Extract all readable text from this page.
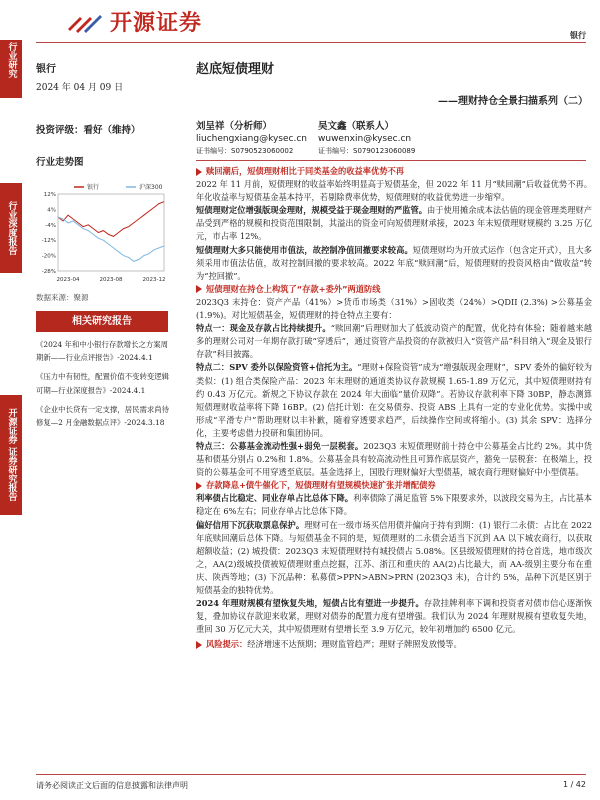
开源证券	银行
行业研究
行业深度报告
开源证券 证券研究报告
银行
2024 年 04 月 09 日
投资评级：看好（维持）
行业走势图
12%
4%
-4%
-12%
-20%
-28%
2023-04	2023-08	2023-12
银行	沪深300
数据来源：聚源
相关研究报告
《2024 年和中小银行存款增长之方案周期新——行业点评报告》-2024.4.1
《压力中有韧性，配置价值不变转变逻辑可期—行业深度报告》-2024.4.1
《企业中长贷有一定支撑，居民需求尚待修复—2 月金融数据点评》-2024.3.18
赵底短债理财
——理财持仓全景扫描系列（二）
刘呈祥（分析师）
liuchengxiang@kysec.cn
证书编号：S0790523060002
吴文鑫（联系人）
wuwenxin@kysec.cn
证书编号：S0790123060089
赎回潮后，短债理财相比于同类基金的收益率优势不再

2022 年 11 月前，短债理财的收益率始终明显高于短债基金，但 2022 年 11 月“赎回潮”后收益优势不再。年化收益率与短债基金基本持平，若剔除费率优势，短债理财的收益优势进一步缩窄。

短债理财定位增强版现金理财，规模受益于现金理财的严监管。由于使用摊余成本法估值的现金管理类理财产品受到严格的规模和投资范围限制，其溢出的资金可向短债理财承接，2023 年末短债理财规模约 3.25 万亿元，市占率 12%。

短债理财大多只能使用市值法，故控制净值回撤要求较高。短债理财均为开放式运作（包含定开式），且大多须采用市值法估值，故对控制回撤的要求较高。2022 年底“赎回潮”后，短债理财的投资风格由“做收益”转为“控回撤”。

短债理财在持仓上构筑了“存款+委外”两道防线

2023Q3 末持仓：资产产品（41%）>货币市场类（31%）>固收类（24%）>QDII (2.3%) >公募基金 (1.9%)。对比短债基金，短债理财的持仓特点主要有：

特点一：现金及存款占比持续提升。“赎回潮”后理财加大了低波动资产的配置，优化持有体验；随着越来越多的理财公司对一年期存款打破“穿透后”，通过资管产品投资的存款被归入“资管产品”科目纳入“现金及银行存款”科目披露。

特点二：SPV 委外以保险资管+信托为主。“理财+保险资管”成为“增强版现金理财”，SPV 委外的偏好较为类似：(1) 组合类保险产品：2023 年末理财的通道类协议存款规模 1.65-1.89 万亿元，其中短债理财持有约 0.43 万亿元。新规之下协议存款在 2024 年大面临“量价双降”。若协议存款利率下降 30BP，静态测算短债理财收益率将下降 16BP。(2) 信托计划：在交易债券、投资 ABS 上具有一定的专业化优势。实操中或形成“平滑专户”帮助理财以丰补歉，随着穿透要求趋严，后续操作空间或将缩小。(3) 其余 SPV：选择分化，主要考虑借力投研和集团协同。

特点三：公募基金流动性强+弱免一层税套。2023Q3 末短债理财前十持仓中公募基金占比约 2%。其中货基和债基分别占 0.2%和 1.8%。公募基金具有较高流动性且可算作底层资产，豁免一层税套：在极端上，投资的公募基金可不用穿透至底层。基金选择上，国股行理财偏好大型债基，城农商行理财偏好中小型债基。

存款降息+债牛催化下，短债理财有望规模快速扩张并增配债券

利率债占比稳定、同业存单占比总体下降。利率债除了满足监管 5%下限要求外，以波段交易为主，占比基本稳定在 6%左右；同业存单占比总体下降。

偏好信用下沉获取票息保护。理财可在一级市场买信用债并偏向于持有到期：(1) 银行二永债：占比在 2022 年底赎回潮后总体下降。与短债基金不同的是，短债理财的二永债会适当下沉到 AA 以下城农商行，以获取超额收益；(2) 城投债：2023Q3 末短债理财持有城投债占 5.08%。区县级短债理财的持仓首选，地市级次之，AA(2)级城投债被短债理财重点挖掘，江苏、浙江和重庆的 AA(2)占比最大，而 AA-级别主要分布在重庆、陕西等地；(3) 下沉品种：私募债>PPN>ABN>PRN (2023Q3 末)，合计约 5%，品种下沉是区别于短债基金的独特优势。

2024 年理财规模有望恢复失地，短债占比有望进一步提升。存款挂牌利率下调和投资者对债市信心逐渐恢复，叠加协议存款迎来收紧，理财对债券的配置力度有望增强。我们认为 2024 年理财规模有望收复失地，重回 30 万亿元大关，其中短债理财有望增长至 3.9 万亿元，较年初增加约 6500 亿元。

风险提示： 经济增速不达预期；理财监管趋严；理财子牌照发放慢等。
请务必阅读正文后面的信息披露和法律声明	1 / 42
